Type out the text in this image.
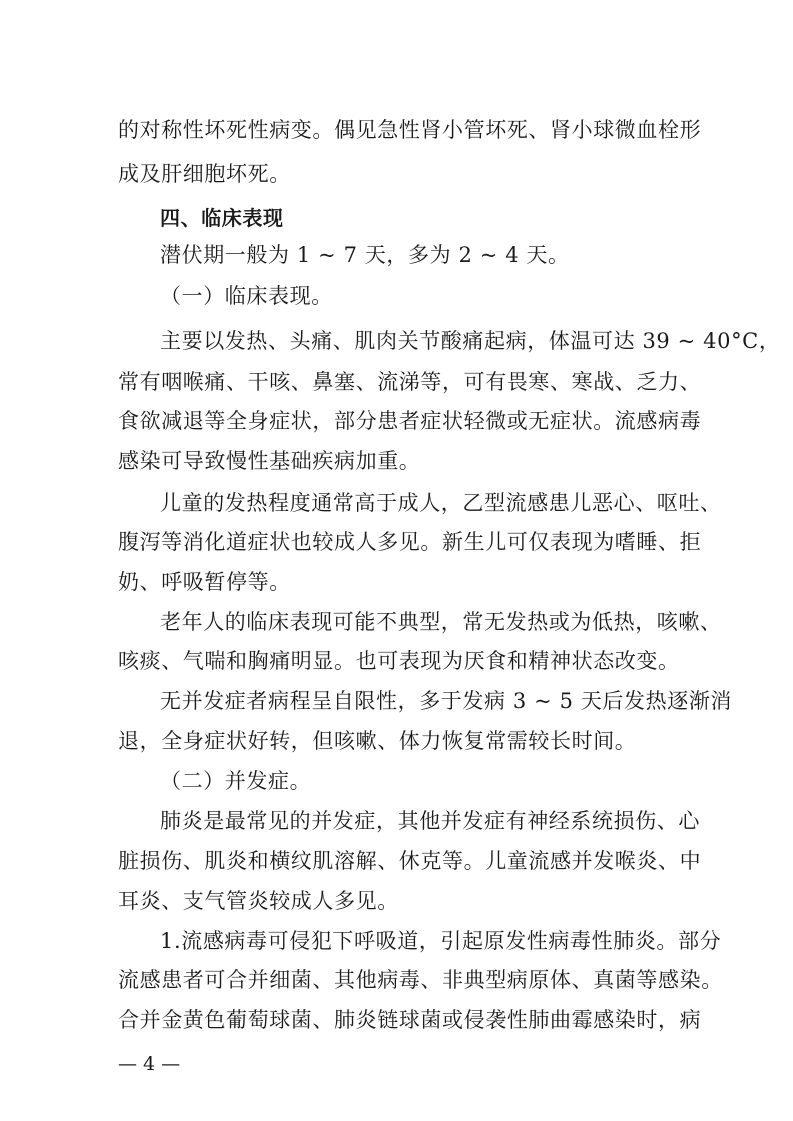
的对称性坏死性病变。偶见急性肾小管坏死、肾小球微血栓形
成及肝细胞坏死。
四、临床表现
潜伏期一般为 1 ~ 7 天，多为 2 ~ 4 天。
（一）临床表现。
主要以发热、头痛、肌肉关节酸痛起病，体温可达 39 ~ 40°C，
常有咽喉痛、干咳、鼻塞、流涕等，可有畏寒、寒战、乏力、
食欲减退等全身症状，部分患者症状轻微或无症状。流感病毒
感染可导致慢性基础疾病加重。
儿童的发热程度通常高于成人，乙型流感患儿恶心、呕吐、
腹泻等消化道症状也较成人多见。新生儿可仅表现为嗜睡、拒
奶、呼吸暂停等。
老年人的临床表现可能不典型，常无发热或为低热，咳嗽、
咳痰、气喘和胸痛明显。也可表现为厌食和精神状态改变。
无并发症者病程呈自限性，多于发病 3 ~ 5 天后发热逐渐消
退，全身症状好转，但咳嗽、体力恢复常需较长时间。
（二）并发症。
肺炎是最常见的并发症，其他并发症有神经系统损伤、心
脏损伤、肌炎和横纹肌溶解、休克等。儿童流感并发喉炎、中
耳炎、支气管炎较成人多见。
1.流感病毒可侵犯下呼吸道，引起原发性病毒性肺炎。部分
流感患者可合并细菌、其他病毒、非典型病原体、真菌等感染。
合并金黄色葡萄球菌、肺炎链球菌或侵袭性肺曲霉感染时，病
— 4 —
